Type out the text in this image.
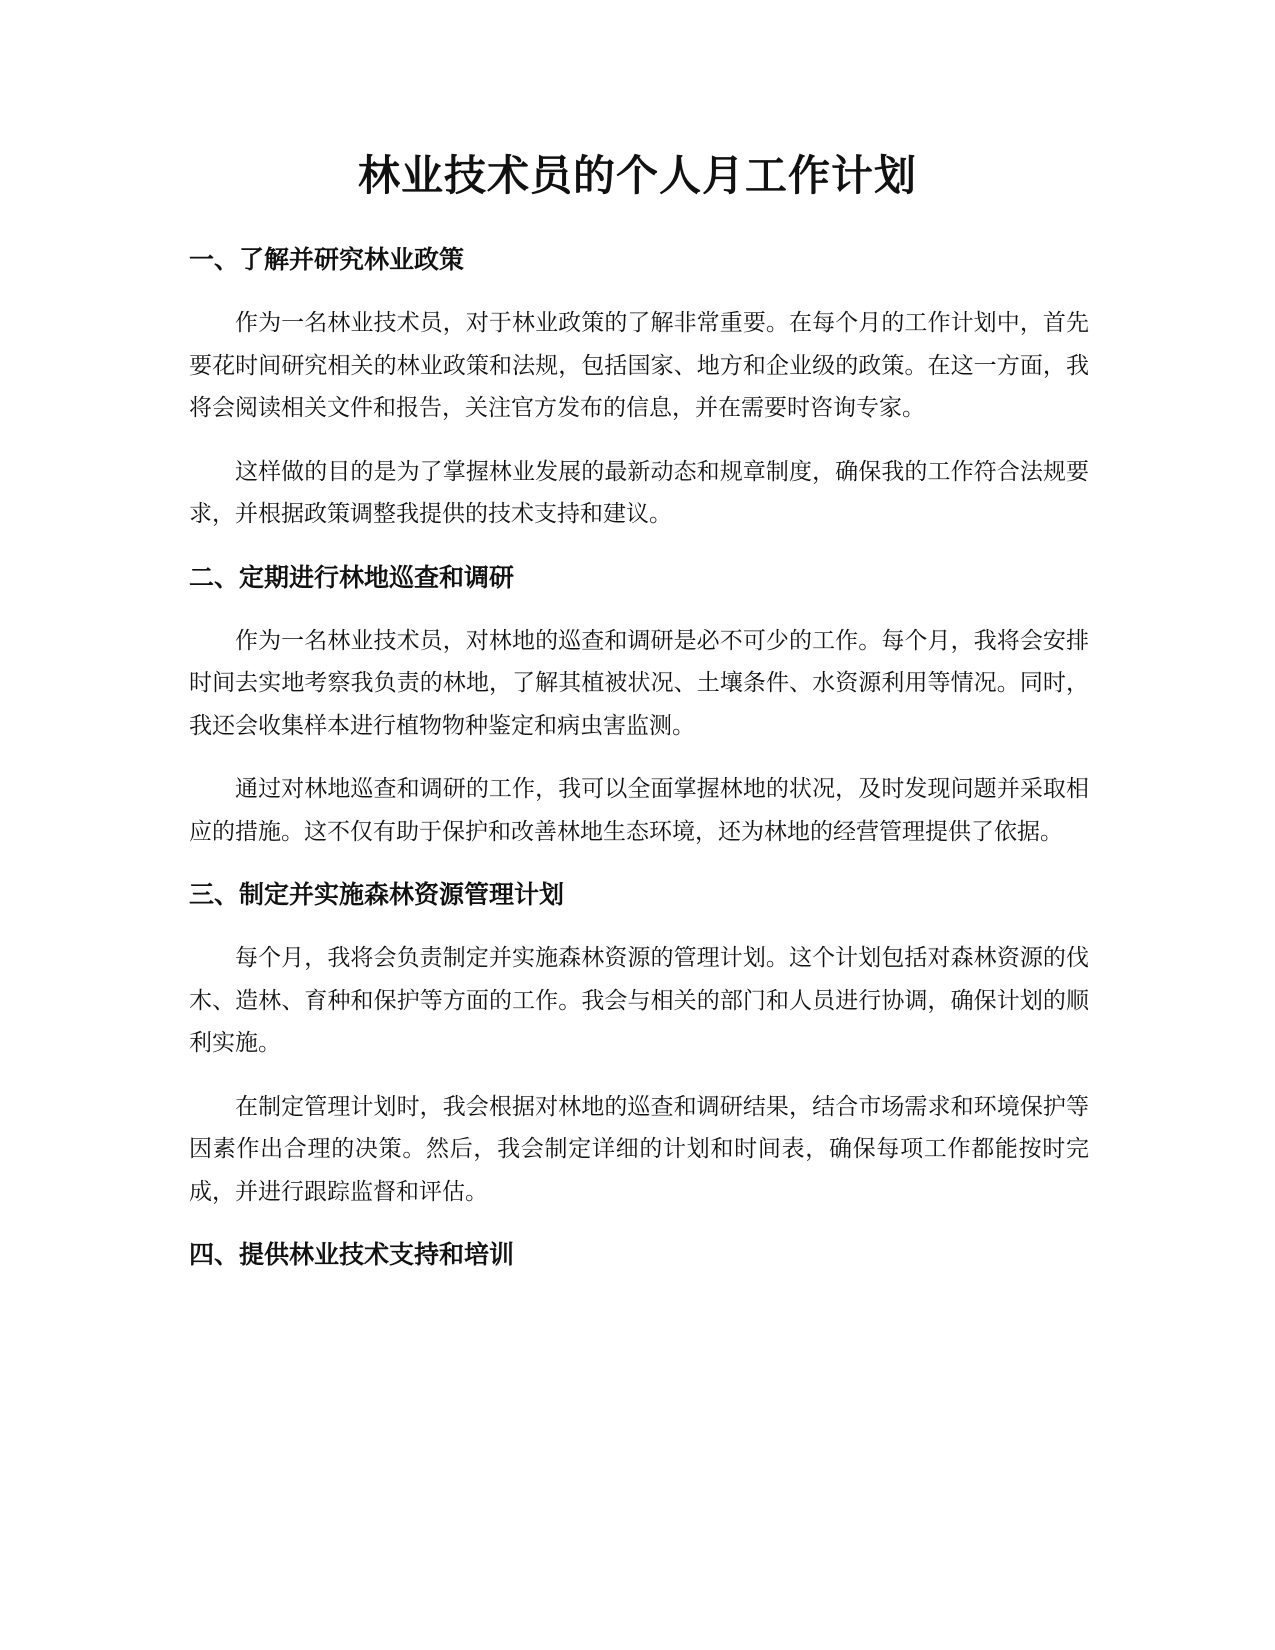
林业技术员的个人月工作计划
一、了解并研究林业政策

作为一名林业技术员，对于林业政策的了解非常重要。在每个月的工作计划中，首先要花时间研究相关的林业政策和法规，包括国家、地方和企业级的政策。在这一方面，我将会阅读相关文件和报告，关注官方发布的信息，并在需要时咨询专家。

这样做的目的是为了掌握林业发展的最新动态和规章制度，确保我的工作符合法规要求，并根据政策调整我提供的技术支持和建议。

二、定期进行林地巡查和调研

作为一名林业技术员，对林地的巡查和调研是必不可少的工作。每个月，我将会安排时间去实地考察我负责的林地，了解其植被状况、土壤条件、水资源利用等情况。同时，我还会收集样本进行植物物种鉴定和病虫害监测。

通过对林地巡查和调研的工作，我可以全面掌握林地的状况，及时发现问题并采取相应的措施。这不仅有助于保护和改善林地生态环境，还为林地的经营管理提供了依据。

三、制定并实施森林资源管理计划

每个月，我将会负责制定并实施森林资源的管理计划。这个计划包括对森林资源的伐木、造林、育种和保护等方面的工作。我会与相关的部门和人员进行协调，确保计划的顺利实施。

在制定管理计划时，我会根据对林地的巡查和调研结果，结合市场需求和环境保护等因素作出合理的决策。然后，我会制定详细的计划和时间表，确保每项工作都能按时完成，并进行跟踪监督和评估。

四、提供林业技术支持和培训
